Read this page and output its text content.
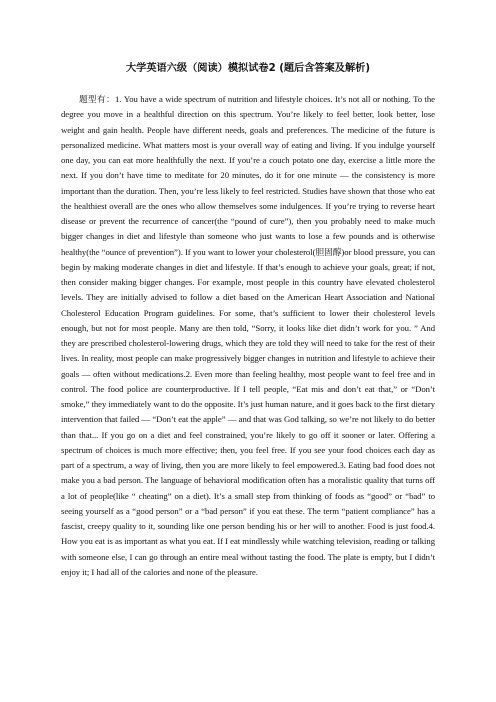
大学英语六级（阅读）模拟试卷2 (题后含答案及解析)

题型有：1. You have a wide spectrum of nutrition and lifestyle choices. It’s not all or nothing. To the degree you move in a healthful direction on this spectrum. You’re likely to feel better, look better, lose weight and gain health. People have different needs, goals and preferences. The medicine of the future is personalized medicine. What matters most is your overall way of eating and living. If you indulge yourself one day, you can eat more healthfully the next. If you’re a couch potato one day, exercise a little more the next. If you don’t have time to meditate for 20 minutes, do it for one minute — the consistency is more important than the duration. Then, you’re less likely to feel restricted. Studies have shown that those who eat the healthiest overall are the ones who allow themselves some indulgences. If you’re trying to reverse heart disease or prevent the recurrence of cancer(the “pound of cure”), then you probably need to make much bigger changes in diet and lifestyle than someone who just wants to lose a few pounds and is otherwise healthy(the “ounce of prevention”). If you want to lower your cholesterol(胆固醇)or blood pressure, you can begin by making moderate changes in diet and lifestyle. If that’s enough to achieve your goals, great; if not, then consider making bigger changes. For example, most people in this country have elevated cholesterol levels. They are initially advised to follow a diet based on the American Heart Association and National Cholesterol Education Program guidelines. For some, that’s sufficient to lower their cholesterol levels enough, but not for most people. Many are then told, “Sorry, it looks like diet didn’t work for you. ” And they are prescribed cholesterol-lowering drugs, which they are told they will need to take for the rest of their lives. In reality, most people can make progressively bigger changes in nutrition and lifestyle to achieve their goals — often without medications.2. Even more than feeling healthy, most people want to feel free and in control. The food police are counterproductive. If I tell people, “Eat mis and don’t eat that,” or “Don’t smoke,” they immediately want to do the opposite. It’s just human nature, and it goes back to the first dietary intervention that failed — “Don’t eat the apple” — and that was God talking, so we’re not likely to do better than that... If you go on a diet and feel constrained, you’re likely to go off it sooner or later. Offering a spectrum of choices is much more effective; then, you feel free. If you see your food choices each day as part of a spectrum, a way of living, then you are more likely to feel empowered.3. Eating bad food does not make you a bad person. The language of behavioral modification often has a moralistic quality that turns off a lot of people(like “ cheating” on a diet). It’s a small step from thinking of foods as “good” or “bad” to seeing yourself as a “good person” or a “bad person” if you eat these. The term “patient compliance” has a fascist, creepy quality to it, sounding like one person bending his or her will to another. Food is just food.4. How you eat is as important as what you eat. If I eat mindlessly while watching television, reading or talking with someone else, I can go through an entire meal without tasting the food. The plate is empty, but I didn’t enjoy it; I had all of the calories and none of the pleasure.
